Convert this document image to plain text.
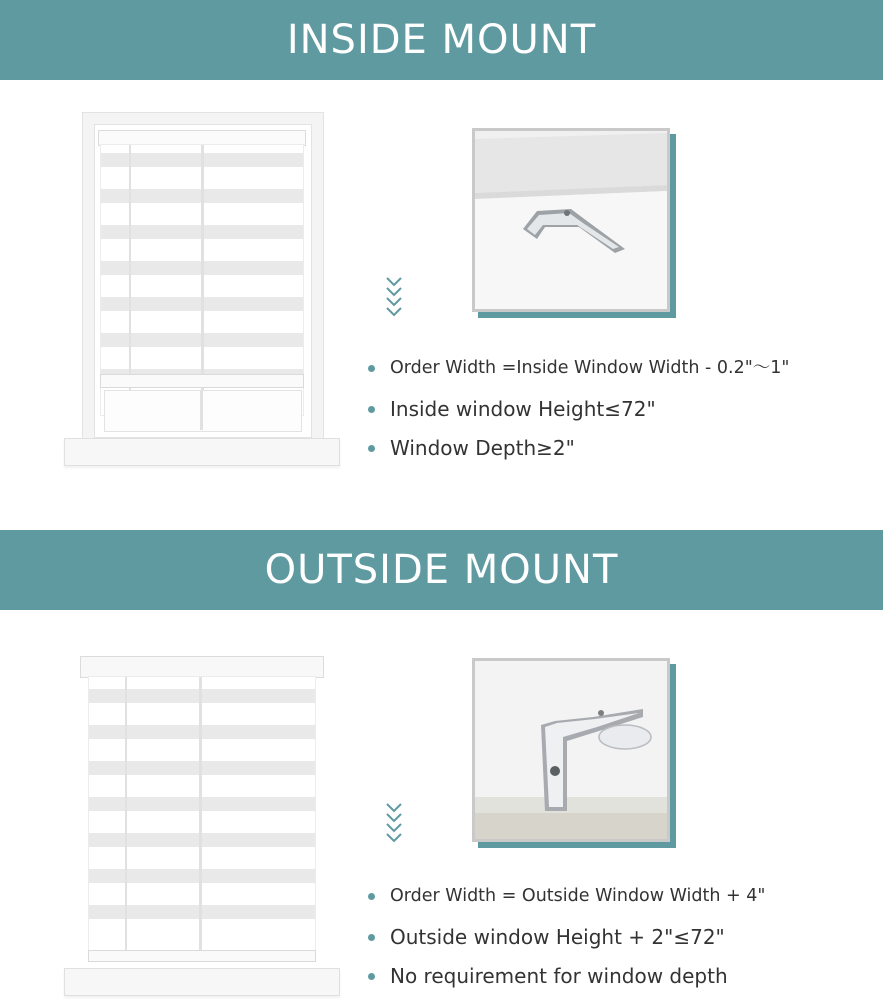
INSIDE MOUNT
Order Width =Inside Window Width - 0.2"～1"
Inside window Height≤72"
Window Depth≥2"
OUTSIDE MOUNT
Order Width = Outside Window Width + 4"
Outside window Height + 2"≤72"
No requirement for window depth
